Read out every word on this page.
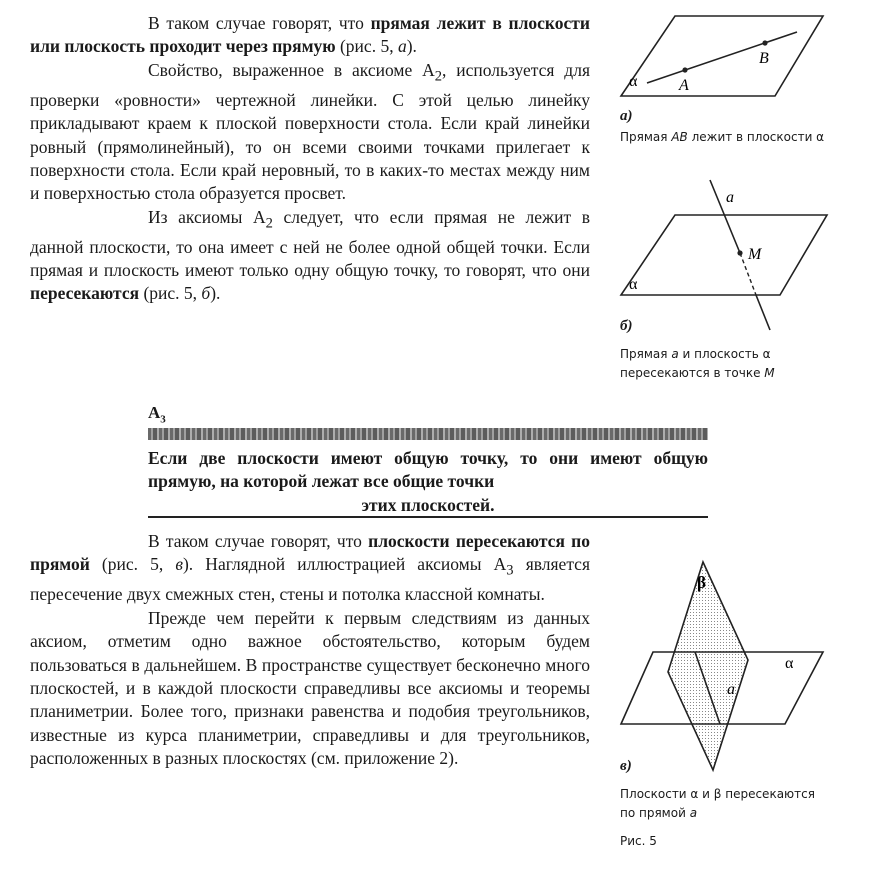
В таком случае говорят, что прямая лежит в плоскости или плоскость проходит через прямую (рис. 5, а).

Свойство, выраженное в аксиоме $А_2$, используется для проверки «ровности» чертежной линейки. С этой целью линейку прикладывают краем к плоской поверхности стола. Если край линейки ровный (прямолинейный), то он всеми своими точками прилегает к поверхности стола. Если край неровный, то в каких-то местах между ним и поверхностью стола образуется просвет.

Из аксиомы $А_2$ следует, что если прямая не лежит в данной плоскости, то она имеет с ней не более одной общей точки. Если прямая и плоскость имеют только одну общую точку, то говорят, что они пересекаются (рис. 5, б).

$А_3$
Если две плоскости имеют общую точку, то они имеют общую прямую, на которой лежат все общие точки
этих плоскостей.

В таком случае говорят, что плоскости пересекаются по прямой (рис. 5, в). Наглядной иллюстрацией аксиомы $А_3$ является пересечение двух смежных стен, стены и потолка классной комнаты.

Прежде чем перейти к первым следствиям из данных аксиом, отметим одно важное обстоятельство, которым будем пользоваться в дальнейшем. В пространстве существует бесконечно много плоскостей, и в каждой плоскости справедливы все аксиомы и теоремы планиметрии. Более того, признаки равенства и подобия треугольников, известные из курса планиметрии, справедливы и для треугольников, расположенных в разных плоскостях (см. приложение 2).

A
B
α
а)
Прямая AB лежит в плоскости α
a
M
α
б)
Прямая a и плоскость α пересекаются в точке M
β
α
a
в)
Плоскости α и β пересекаются по прямой a
Рис. 5
